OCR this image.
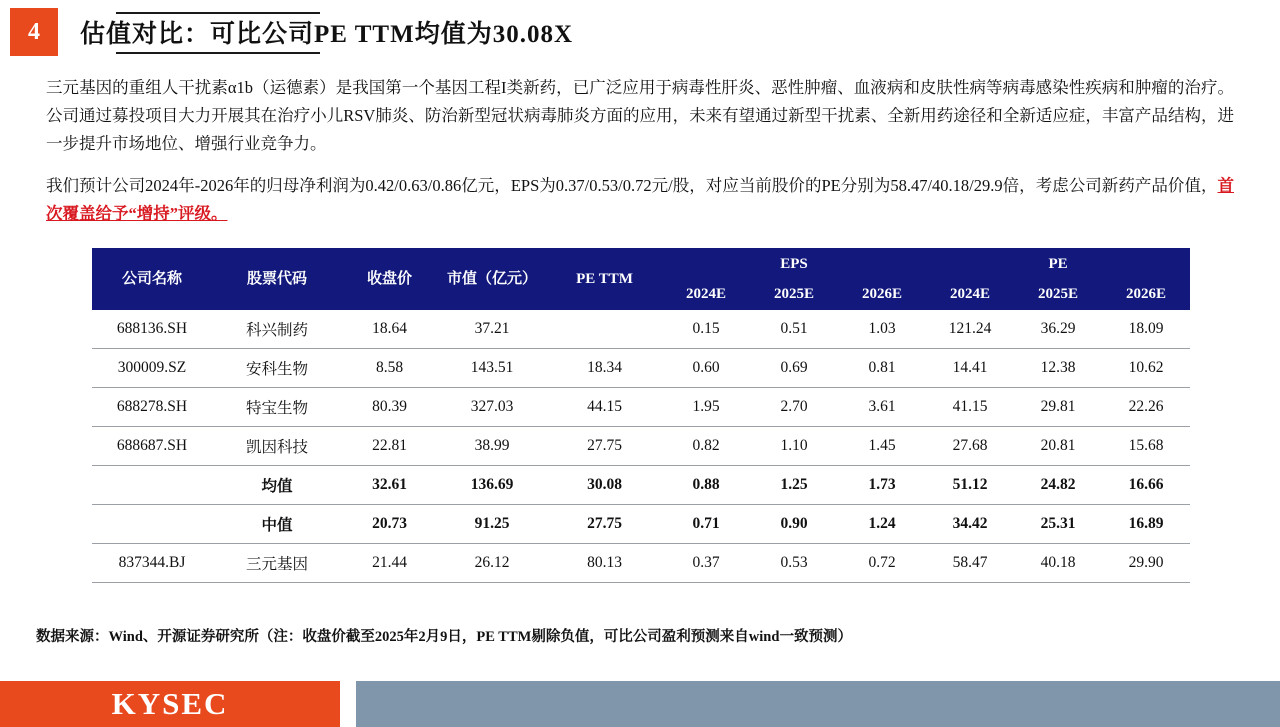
4	估值对比：可比公司PE TTM均值为30.08X
三元基因的重组人干扰素α1b（运德素）是我国第一个基因工程I类新药，已广泛应用于病毒性肝炎、恶性肿瘤、血液病和皮肤性病等病毒感染性疾病和肿瘤的治疗。公司通过募投项目大力开展其在治疗小儿RSV肺炎、防治新型冠状病毒肺炎方面的应用，未来有望通过新型干扰素、全新用药途径和全新适应症，丰富产品结构，进一步提升市场地位、增强行业竞争力。
我们预计公司2024年-2026年的归母净利润为0.42/0.63/0.86亿元，EPS为0.37/0.53/0.72元/股，对应当前股价的PE分别为58.47/40.18/29.9倍，考虑公司新药产品价值，首次覆盖给予“增持”评级。
公司名称	股票代码	收盘价	市值（亿元）	PE TTM	EPS			PE		
					2024E	2025E	2026E	2024E	2025E	2026E
688136.SH	科兴制药	18.64	37.21		0.15	0.51	1.03	121.24	36.29	18.09
300009.SZ	安科生物	8.58	143.51	18.34	0.60	0.69	0.81	14.41	12.38	10.62
688278.SH	特宝生物	80.39	327.03	44.15	1.95	2.70	3.61	41.15	29.81	22.26
688687.SH	凯因科技	22.81	38.99	27.75	0.82	1.10	1.45	27.68	20.81	15.68
	均值	32.61	136.69	30.08	0.88	1.25	1.73	51.12	24.82	16.66
	中值	20.73	91.25	27.75	0.71	0.90	1.24	34.42	25.31	16.89
837344.BJ	三元基因	21.44	26.12	80.13	0.37	0.53	0.72	58.47	40.18	29.90
数据来源：Wind、开源证券研究所（注：收盘价截至2025年2月9日，PE TTM剔除负值，可比公司盈利预测来自wind一致预测）
KYSEC
